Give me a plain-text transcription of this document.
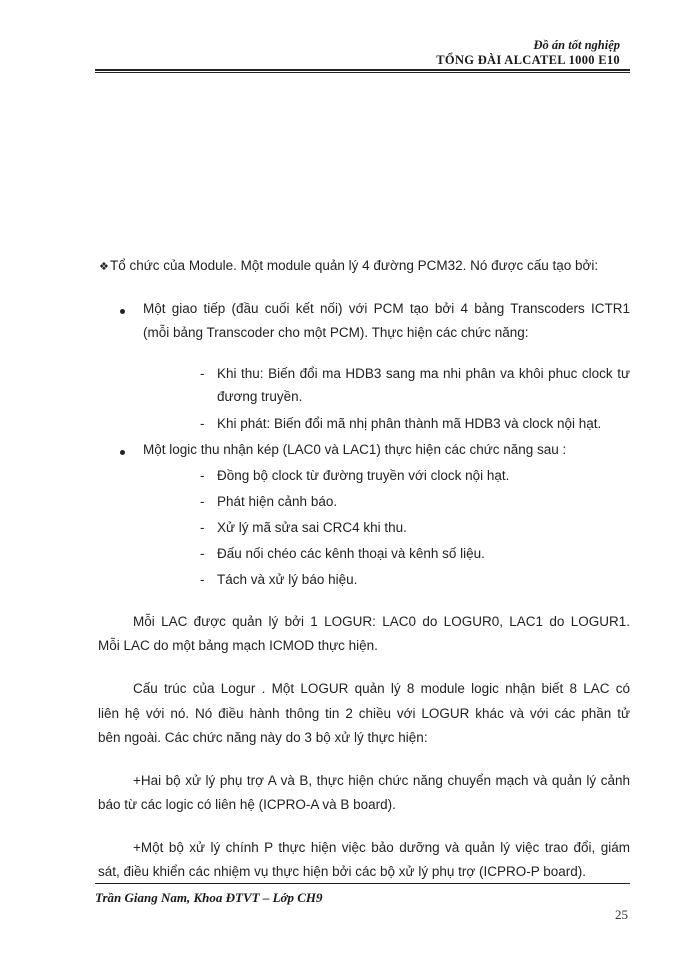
Đồ án tốt nghiệp
TỔNG ĐÀI ALCATEL 1000 E10
❖ Tổ chức của Module. Một module quản lý 4 đường PCM32. Nó được cấu tạo bởi:
Một giao tiếp (đầu cuối kết nối) với PCM tạo bởi 4 bảng Transcoders ICTR1
(mỗi bảng Transcoder cho một PCM). Thực hiện các chức năng:
- Khi thu: Biến đổi ma HDB3 sang ma nhi phân va khôi phuc clock tư
đương truyền.
- Khi phát: Biến đổi mã nhị phân thành mã HDB3 và clock nội hạt.
Một logic thu nhận kép (LAC0 và LAC1) thực hiện các chức năng sau :
- Đồng bộ clock từ đường truyền với clock nội hạt.
- Phát hiện cảnh báo.
- Xử lý mã sửa sai CRC4 khi thu.
- Đấu nối chéo các kênh thoại và kênh số liệu.
- Tách và xử lý báo hiệu.
Mỗi LAC được quản lý bởi 1 LOGUR: LAC0 do LOGUR0, LAC1 do LOGUR1.
Mỗi LAC do một bảng mạch ICMOD thực hiện.
Cấu trúc của Logur . Một LOGUR quản lý 8 module logic nhận biết 8 LAC có
liên hệ với nó. Nó điều hành thông tin 2 chiều với LOGUR khác và với các phần tử
bên ngoài. Các chức năng này do 3 bộ xử lý thực hiện:
+Hai bộ xử lý phụ trợ A và B, thực hiện chức năng chuyển mạch và quản lý cảnh
báo từ các logic có liên hệ (ICPRO-A và B board).
+Một bộ xử lý chính P thực hiện việc bảo dưỡng và quản lý việc trao đổi, giám
sát, điều khiển các nhiệm vụ thực hiện bởi các bộ xử lý phụ trợ (ICPRO-P board).
Trần Giang Nam, Khoa ĐTVT – Lớp CH9
25
